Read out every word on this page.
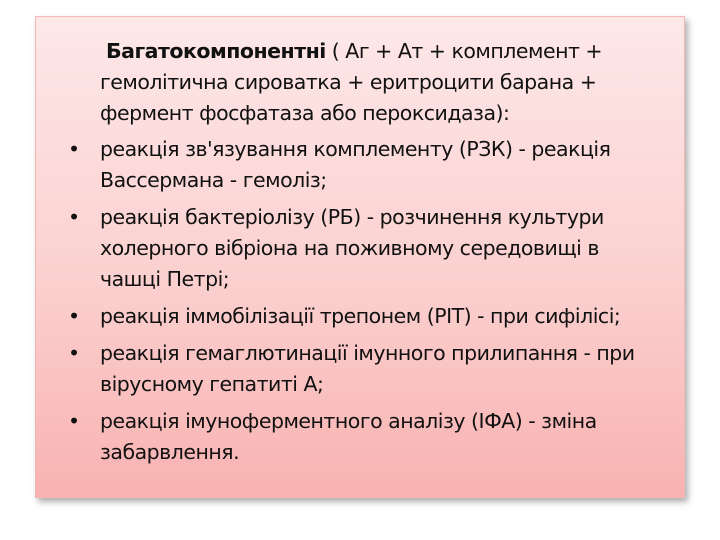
Багатокомпонентні ( Аг + Ат + комплемент +
гемолітична сироватка + еритроцити барана +
фермент фосфатаза або пероксидаза):

• реакція зв'язування комплементу (РЗК) - реакція
Вассермана - гемоліз;
• реакція бактеріолізу (РБ) - розчинення культури
холерного вібріона на поживному середовищі в
чашці Петрі;
• реакція іммобілізації трепонем (РІТ) - при сифілісі;
• реакція гемаглютинації імунного прилипання - при
вірусному гепатиті А;
• реакція імуноферментного аналізу (ІФА) - зміна
забарвлення.
